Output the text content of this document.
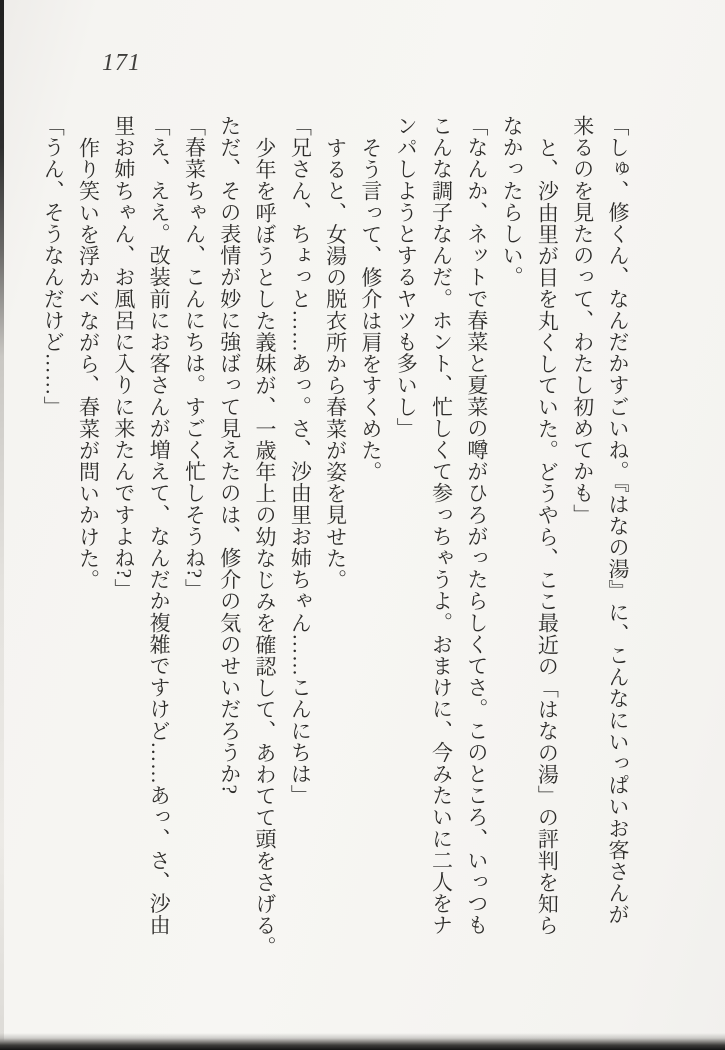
171
「しゅ、修くん、なんだかすごいね。『はなの湯』に、こんなにいっぱいお客さんが
来るのを見たのって、わたし初めてかも」
と、沙由里が目を丸くしていた。どうやら、ここ最近の「はなの湯」の評判を知ら
なかったらしい。
「なんか、ネットで春菜と夏菜の噂がひろがったらしくてさ。このところ、いっつも
こんな調子なんだ。ホント、忙しくて参っちゃうよ。おまけに、今みたいに二人をナ
ンパしようとするヤツも多いし」
そう言って、修介は肩をすくめた。
すると、女湯の脱衣所から春菜が姿を見せた。
「兄さん、ちょっと……あっ。さ、沙由里お姉ちゃん……こんにちは」
少年を呼ぼうとした義妹が、一歳年上の幼なじみを確認して、あわてて頭をさげる。
ただ、その表情が妙に強ばって見えたのは、修介の気のせいだろうか?
「春菜ちゃん、こんにちは。すごく忙しそうね?」
「え、ええ。改装前にお客さんが増えて、なんだか複雑ですけど……あっ、さ、沙由
里お姉ちゃん、お風呂に入りに来たんですよね?」
作り笑いを浮かべながら、春菜が問いかけた。
「うん、そうなんだけど……」
